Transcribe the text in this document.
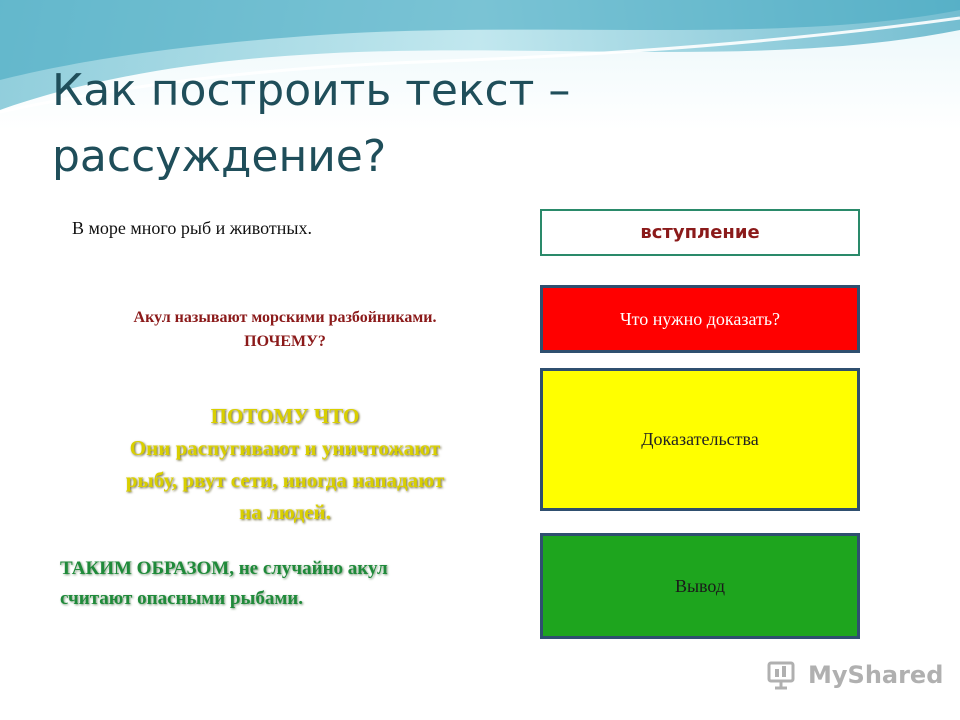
Как построить текст –
рассуждение?
В море много рыб и животных.
Акул называют морскими разбойниками.
ПОЧЕМУ?
ПОТОМУ ЧТО
Они распугивают и уничтожают
рыбу, рвут сети, иногда нападают
на людей.
ТАКИМ ОБРАЗОМ, не случайно акул
считают опасными рыбами.
вступление
Что нужно доказать?
Доказательства
Вывод
MyShared
